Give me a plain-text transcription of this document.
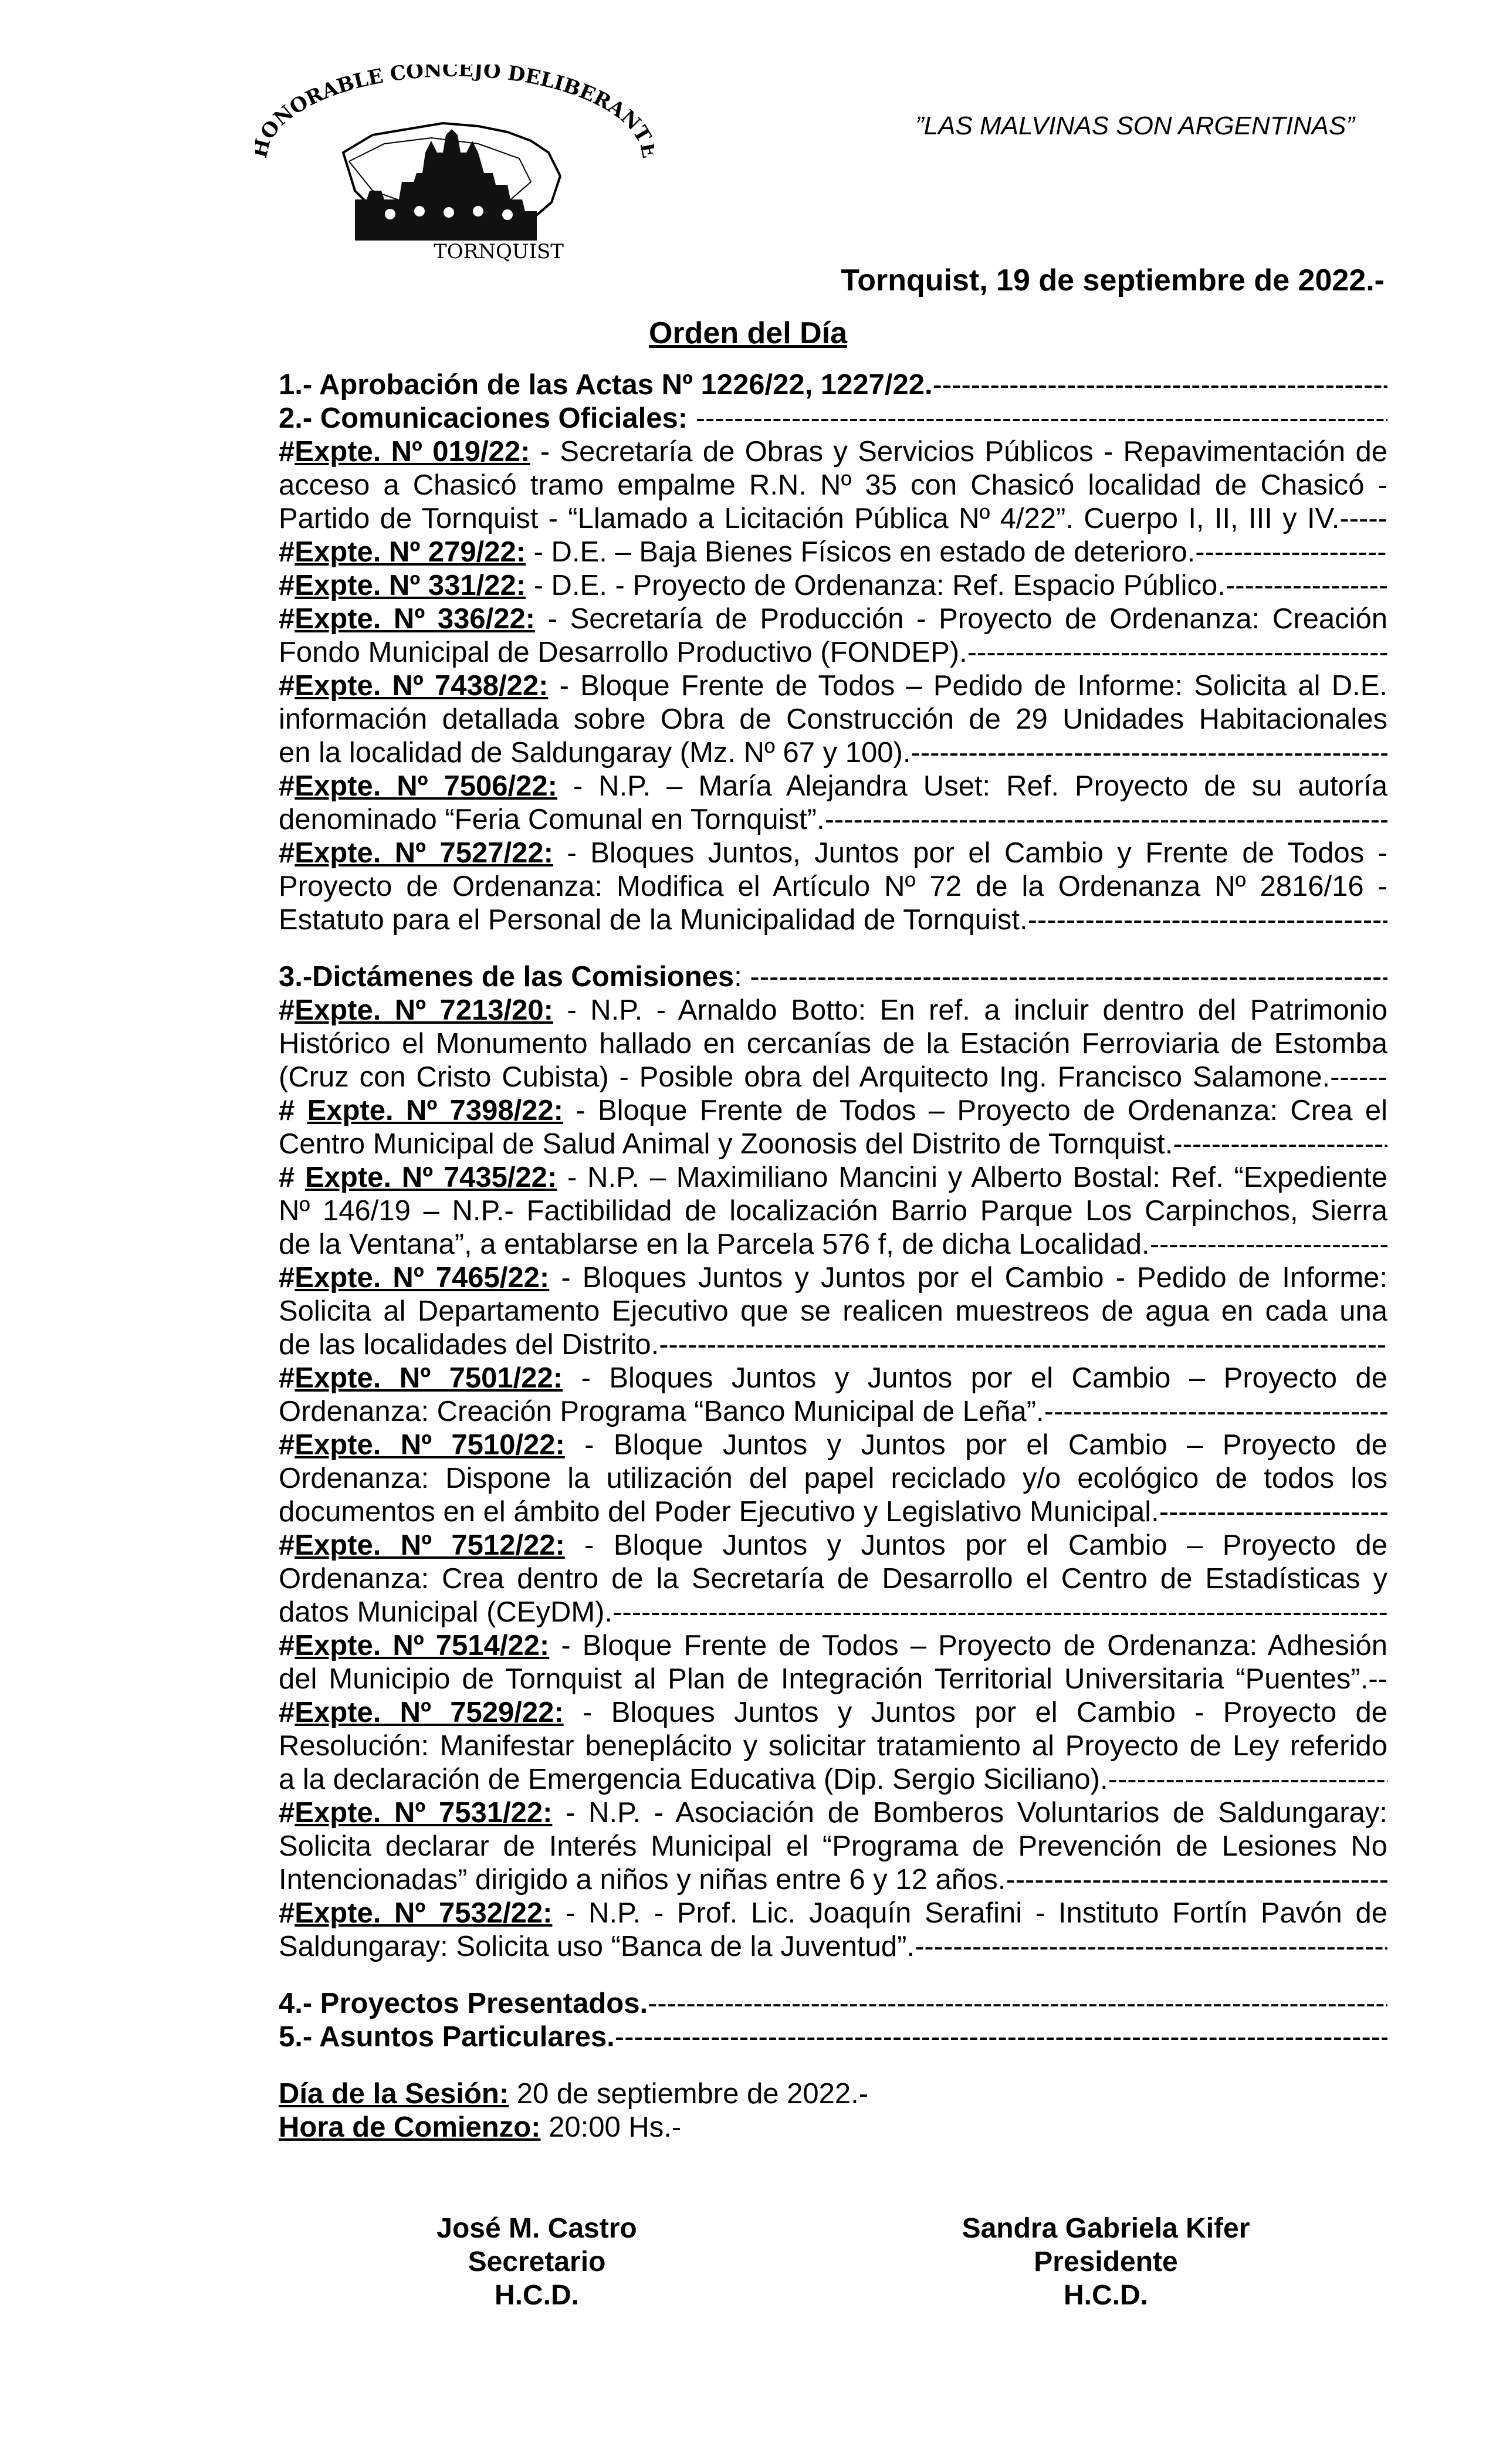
ONORABLE CONCEJO DELIBERANT
TORNQUIST
”LAS MALVINAS SON ARGENTINAS”
Tornquist, 19 de septiembre de 2022.-
Orden del Día
1.- Aprobación de las Actas Nº 1226/22, 1227/22. -----
2.- Comunicaciones Oficiales: -----
#Expte. Nº 019/22: - Secretaría de Obras y Servicios Públicos - Repavimentación de
acceso a Chasicó tramo empalme R.N. Nº 35 con Chasicó localidad de Chasicó -
Partido de Tornquist - “Llamado a Licitación Pública Nº 4/22”. Cuerpo I, II, III y IV.-----
#Expte. Nº 279/22: - D.E. – Baja Bienes Físicos en estado de deterioro. -----
#Expte. Nº 331/22: - D.E. - Proyecto de Ordenanza: Ref. Espacio Público. -----
#Expte. Nº 336/22: - Secretaría de Producción - Proyecto de Ordenanza: Creación
Fondo Municipal de Desarrollo Productivo (FONDEP). -----
#Expte. Nº 7438/22: - Bloque Frente de Todos – Pedido de Informe: Solicita al D.E.
información detallada sobre Obra de Construcción de 29 Unidades Habitacionales
en la localidad de Saldungaray (Mz. Nº 67 y 100). -----
#Expte. Nº 7506/22: - N.P. – María Alejandra Uset: Ref. Proyecto de su autoría
denominado “Feria Comunal en Tornquist”. -----
#Expte. Nº 7527/22: - Bloques Juntos, Juntos por el Cambio y Frente de Todos -
Proyecto de Ordenanza: Modifica el Artículo Nº 72 de la Ordenanza Nº 2816/16 -
Estatuto para el Personal de la Municipalidad de Tornquist. -----
3.-Dictámenes de las Comisiones: -----
#Expte. Nº 7213/20: - N.P. - Arnaldo Botto: En ref. a incluir dentro del Patrimonio
Histórico el Monumento hallado en cercanías de la Estación Ferroviaria de Estomba
(Cruz con Cristo Cubista) - Posible obra del Arquitecto Ing. Francisco Salamone.------
# Expte. Nº 7398/22: - Bloque Frente de Todos – Proyecto de Ordenanza: Crea el
Centro Municipal de Salud Animal y Zoonosis del Distrito de Tornquist. -----
# Expte. Nº 7435/22: - N.P. – Maximiliano Mancini y Alberto Bostal: Ref. “Expediente
Nº 146/19 – N.P.- Factibilidad de localización Barrio Parque Los Carpinchos, Sierra
de la Ventana”, a entablarse en la Parcela 576 f, de dicha Localidad. -----
#Expte. Nº 7465/22: - Bloques Juntos y Juntos por el Cambio - Pedido de Informe:
Solicita al Departamento Ejecutivo que se realicen muestreos de agua en cada una
de las localidades del Distrito. -----
#Expte. Nº 7501/22: - Bloques Juntos y Juntos por el Cambio – Proyecto de
Ordenanza: Creación Programa “Banco Municipal de Leña”. -----
#Expte. Nº 7510/22: - Bloque Juntos y Juntos por el Cambio – Proyecto de
Ordenanza: Dispone la utilización del papel reciclado y/o ecológico de todos los
documentos en el ámbito del Poder Ejecutivo y Legislativo Municipal. -----
#Expte. Nº 7512/22: - Bloque Juntos y Juntos por el Cambio – Proyecto de
Ordenanza: Crea dentro de la Secretaría de Desarrollo el Centro de Estadísticas y
datos Municipal (CEyDM). -----
#Expte. Nº 7514/22: - Bloque Frente de Todos – Proyecto de Ordenanza: Adhesión
del Municipio de Tornquist al Plan de Integración Territorial Universitaria “Puentes”.--
#Expte. Nº 7529/22: - Bloques Juntos y Juntos por el Cambio - Proyecto de
Resolución: Manifestar beneplácito y solicitar tratamiento al Proyecto de Ley referido
a la declaración de Emergencia Educativa (Dip. Sergio Siciliano). -----
#Expte. Nº 7531/22: - N.P. - Asociación de Bomberos Voluntarios de Saldungaray:
Solicita declarar de Interés Municipal el “Programa de Prevención de Lesiones No
Intencionadas” dirigido a niños y niñas entre 6 y 12 años. -----
#Expte. Nº 7532/22: - N.P. - Prof. Lic. Joaquín Serafini - Instituto Fortín Pavón de
Saldungaray: Solicita uso “Banca de la Juventud”. -----
4.- Proyectos Presentados. -----
5.- Asuntos Particulares. -----
Día de la Sesión: 20 de septiembre de 2022.-
Hora de Comienzo: 20:00 Hs.-
José M. Castro
Secretario
H.C.D.
Sandra Gabriela Kifer
Presidente
H.C.D.
